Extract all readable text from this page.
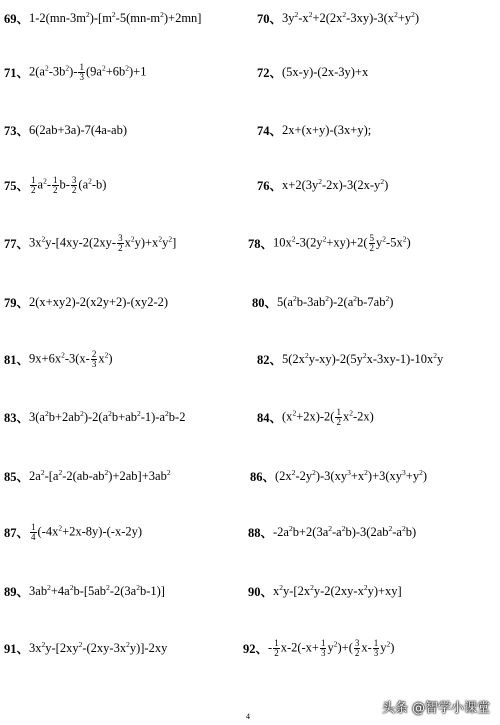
69、 $1-2(mn-3m^2)-[m^2-5(mn-m^2)+2mn]$	70、 $3y^2-x^2+2(2x^2-3xy)-3(x^2+y^2)$
71、 $2(a^2-3b^2)- \frac{1}{3} (9a^2+6b^2)+1$	72、 (5x-y)-(2x-3y)+x
73、 6(2ab+3a)-7(4a-ab)	74、 2x+(x+y)-(3x+y);
75、 $\frac{1}{2} a^2- \frac{1}{2} b- \frac{3}{2} (a^2-b)$	76、 $x+2(3y^2-2x)-3(2x-y^2)$
77、 $3x^2y-[4xy-2(2xy- \frac{3}{2} x^2y)+x^2y^2]$	78、 $10x^2-3(2y^2+xy)+2( \frac{5}{2} y^2-5x^2)$
79、 2(x+xy2)-2(x2y+2)-(xy2-2)	80、 $5(a^2b-3ab^2)-2(a^2b-7ab^2)$
81、 $9x+6x^2-3(x- \frac{2}{3} x^2)$	82、 $5(2x^2y-xy)-2(5y^2x-3xy-1)-10x^2y$
83、 $3(a^2b+2ab^2)-2(a^2b+ab^2-1)-a^2b-2$	84、 $(x^2+2x)-2( \frac{1}{2} x^2-2x)$
85、 $2a^2-[a^2-2(ab-ab^2)+2ab]+3ab^2$	86、 $(2x^2-2y^2)-3(xy^3+x^2)+3(xy^3+y^2)$
87、 $\frac{1}{4} (-4x^2+2x-8y)-(-x-2y)$	88、 $-2a^2b+2(3a^2-a^2b)-3(2ab^2-a^2b)$
89、 $3ab^2+4a^2b-[5ab^2-2(3a^2b-1)]$	90、 $x^2y-[2x^2y-2(2xy-x^2y)+xy]$
91、 $3x^2y-[2xy^2-(2xy-3x^2y)]-2xy$	92、 - $\frac{1}{2} x-2(-x+ \frac{1}{3} y^2)+( \frac{3}{2} x- \frac{1}{3} y^2)$
4
头条 @智学小课堂
